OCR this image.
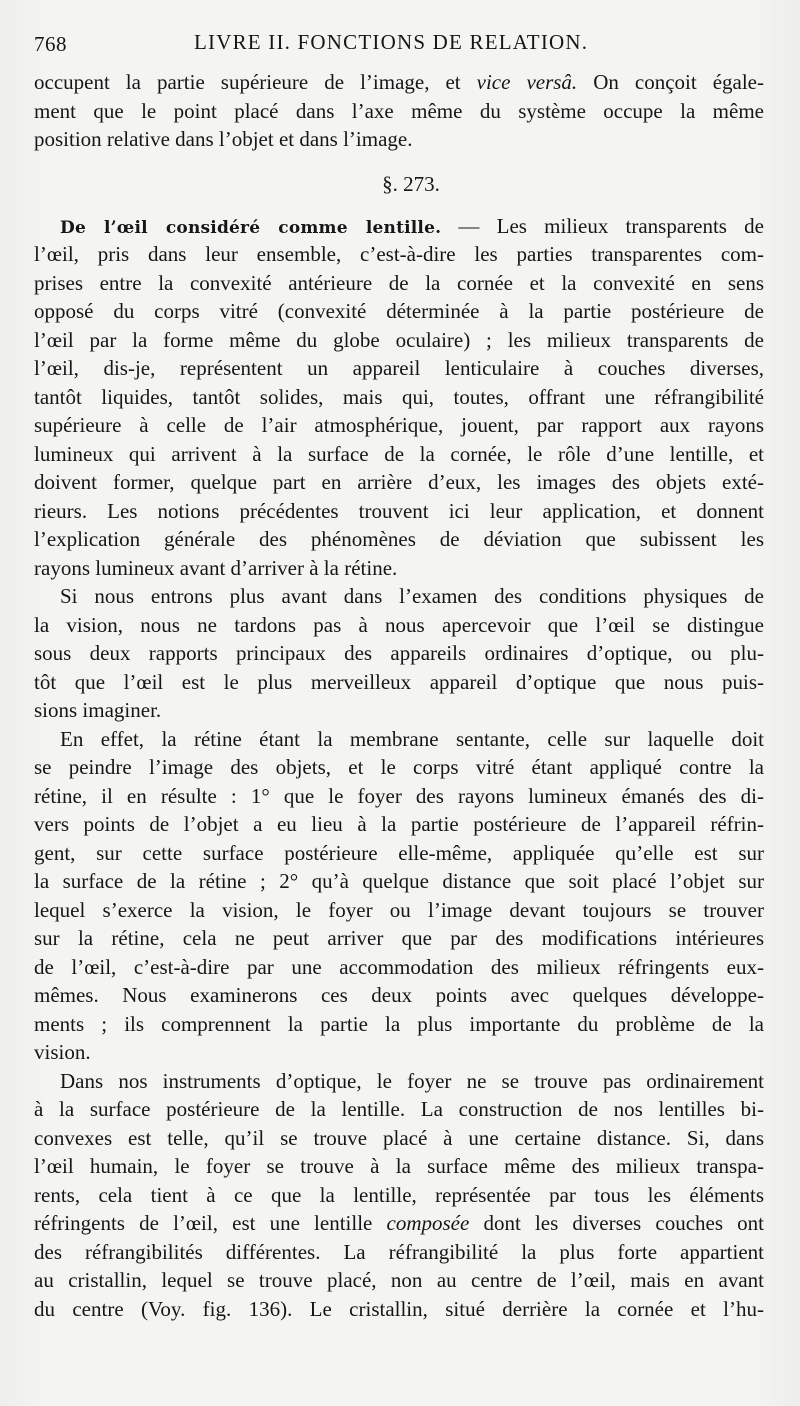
768	LIVRE II. FONCTIONS DE RELATION.
occupent la partie supérieure de l’image, et vice versâ. On conçoit égale-
ment que le point placé dans l’axe même du système occupe la même
position relative dans l’objet et dans l’image.
§. 273.
De l’œil considéré comme lentille. — Les milieux transparents de
l’œil, pris dans leur ensemble, c’est-à-dire les parties transparentes com-
prises entre la convexité antérieure de la cornée et la convexité en sens
opposé du corps vitré (convexité déterminée à la partie postérieure de
l’œil par la forme même du globe oculaire) ; les milieux transparents de
l’œil, dis-je, représentent un appareil lenticulaire à couches diverses,
tantôt liquides, tantôt solides, mais qui, toutes, offrant une réfrangibilité
supérieure à celle de l’air atmosphérique, jouent, par rapport aux rayons
lumineux qui arrivent à la surface de la cornée, le rôle d’une lentille, et
doivent former, quelque part en arrière d’eux, les images des objets exté-
rieurs. Les notions précédentes trouvent ici leur application, et donnent
l’explication générale des phénomènes de déviation que subissent les
rayons lumineux avant d’arriver à la rétine.
Si nous entrons plus avant dans l’examen des conditions physiques de
la vision, nous ne tardons pas à nous apercevoir que l’œil se distingue
sous deux rapports principaux des appareils ordinaires d’optique, ou plu-
tôt que l’œil est le plus merveilleux appareil d’optique que nous puis-
sions imaginer.
En effet, la rétine étant la membrane sentante, celle sur laquelle doit
se peindre l’image des objets, et le corps vitré étant appliqué contre la
rétine, il en résulte : 1° que le foyer des rayons lumineux émanés des di-
vers points de l’objet a eu lieu à la partie postérieure de l’appareil réfrin-
gent, sur cette surface postérieure elle-même, appliquée qu’elle est sur
la surface de la rétine ; 2° qu’à quelque distance que soit placé l’objet sur
lequel s’exerce la vision, le foyer ou l’image devant toujours se trouver
sur la rétine, cela ne peut arriver que par des modifications intérieures
de l’œil, c’est-à-dire par une accommodation des milieux réfringents eux-
mêmes. Nous examinerons ces deux points avec quelques développe-
ments ; ils comprennent la partie la plus importante du problème de la
vision.
Dans nos instruments d’optique, le foyer ne se trouve pas ordinairement
à la surface postérieure de la lentille. La construction de nos lentilles bi-
convexes est telle, qu’il se trouve placé à une certaine distance. Si, dans
l’œil humain, le foyer se trouve à la surface même des milieux transpa-
rents, cela tient à ce que la lentille, représentée par tous les éléments
réfringents de l’œil, est une lentille composée dont les diverses couches ont
des réfrangibilités différentes. La réfrangibilité la plus forte appartient
au cristallin, lequel se trouve placé, non au centre de l’œil, mais en avant
du centre (Voy. fig. 136). Le cristallin, situé derrière la cornée et l’hu-
